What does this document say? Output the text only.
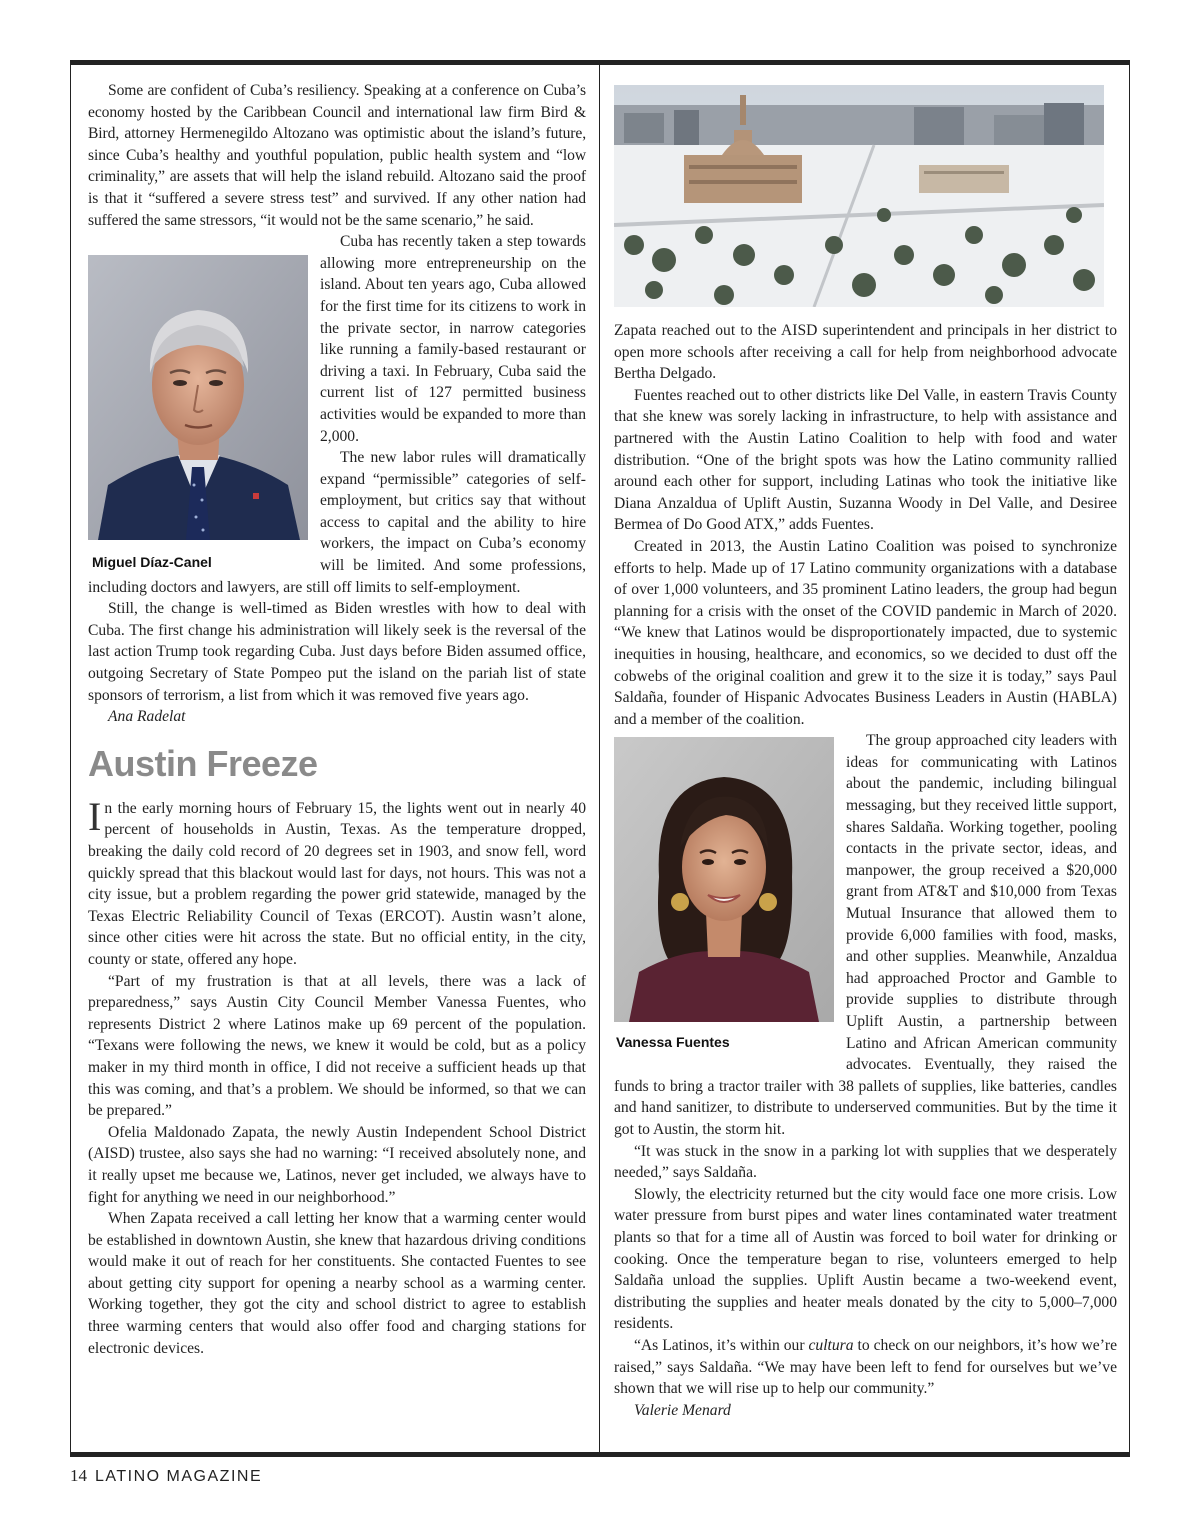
Some are confident of Cuba’s resiliency. Speaking at a conference on Cuba’s economy hosted by the Caribbean Council and international law firm Bird & Bird, attorney Hermenegildo Altozano was optimistic about the island’s future, since Cuba’s healthy and youthful population, public health system and “low criminality,” are assets that will help the island rebuild. Altozano said the proof is that it “suffered a severe stress test” and survived. If any other nation had suffered the same stressors, “it would not be the same scenario,” he said.

Miguel Díaz-Canel

Cuba has recently taken a step towards allowing more entrepreneurship on the island. About ten years ago, Cuba allowed for the first time for its citizens to work in the private sector, in narrow categories like running a family-based restaurant or driving a taxi. In February, Cuba said the current list of 127 permitted business activities would be expanded to more than 2,000.

The new labor rules will dramatically expand “permissible” categories of self-employment, but critics say that without access to capital and the ability to hire workers, the impact on Cuba’s economy will be limited. And some professions, including doctors and lawyers, are still off limits to self-employment.

Still, the change is well-timed as Biden wrestles with how to deal with Cuba. The first change his administration will likely seek is the reversal of the last action Trump took regarding Cuba. Just days before Biden assumed office, outgoing Secretary of State Pompeo put the island on the pariah list of state sponsors of terrorism, a list from which it was removed five years ago.

Ana Radelat

Austin Freeze

In the early morning hours of February 15, the lights went out in nearly 40 percent of households in Austin, Texas. As the temperature dropped, breaking the daily cold record of 20 degrees set in 1903, and snow fell, word quickly spread that this blackout would last for days, not hours. This was not a city issue, but a problem regarding the power grid statewide, managed by the Texas Electric Reliability Council of Texas (ERCOT). Austin wasn’t alone, since other cities were hit across the state. But no official entity, in the city, county or state, offered any hope.

“Part of my frustration is that at all levels, there was a lack of preparedness,” says Austin City Council Member Vanessa Fuentes, who represents District 2 where Latinos make up 69 percent of the population. “Texans were following the news, we knew it would be cold, but as a policy maker in my third month in office, I did not receive a sufficient heads up that this was coming, and that’s a problem. We should be informed, so that we can be prepared.”

Ofelia Maldonado Zapata, the newly Austin Independent School District (AISD) trustee, also says she had no warning: “I received absolutely none, and it really upset me because we, Latinos, never get included, we always have to fight for anything we need in our neighborhood.”

When Zapata received a call letting her know that a warming center would be established in downtown Austin, she knew that hazardous driving conditions would make it out of reach for her constituents. She contacted Fuentes to see about getting city support for opening a nearby school as a warming center. Working together, they got the city and school district to agree to establish three warming centers that would also offer food and charging stations for electronic devices.

Zapata reached out to the AISD superintendent and principals in her district to open more schools after receiving a call for help from neighborhood advocate Bertha Delgado.

Fuentes reached out to other districts like Del Valle, in eastern Travis County that she knew was sorely lacking in infrastructure, to help with assistance and partnered with the Austin Latino Coalition to help with food and water distribution. “One of the bright spots was how the Latino community rallied around each other for support, including Latinas who took the initiative like Diana Anzaldua of Uplift Austin, Suzanna Woody in Del Valle, and Desiree Bermea of Do Good ATX,” adds Fuentes.

Created in 2013, the Austin Latino Coalition was poised to synchronize efforts to help. Made up of 17 Latino community organizations with a database of over 1,000 volunteers, and 35 prominent Latino leaders, the group had begun planning for a crisis with the onset of the COVID pandemic in March of 2020. “We knew that Latinos would be disproportionately impacted, due to systemic inequities in housing, healthcare, and economics, so we decided to dust off the cobwebs of the original coalition and grew it to the size it is today,” says Paul Saldaña, founder of Hispanic Advocates Business Leaders in Austin (HABLA) and a member of the coalition.

Vanessa Fuentes

The group approached city leaders with ideas for communicating with Latinos about the pandemic, including bilingual messaging, but they received little support, shares Saldaña. Working together, pooling contacts in the private sector, ideas, and manpower, the group received a $20,000 grant from AT&T and $10,000 from Texas Mutual Insurance that allowed them to provide 6,000 families with food, masks, and other supplies. Meanwhile, Anzaldua had approached Proctor and Gamble to provide supplies to distribute through Uplift Austin, a partnership between Latino and African American community advocates. Eventually, they raised the funds to bring a tractor trailer with 38 pallets of supplies, like batteries, candles and hand sanitizer, to distribute to underserved communities. But by the time it got to Austin, the storm hit.

“It was stuck in the snow in a parking lot with supplies that we desperately needed,” says Saldaña.

Slowly, the electricity returned but the city would face one more crisis. Low water pressure from burst pipes and water lines contaminated water treatment plants so that for a time all of Austin was forced to boil water for drinking or cooking. Once the temperature began to rise, volunteers emerged to help Saldaña unload the supplies. Uplift Austin became a two-weekend event, distributing the supplies and heater meals donated by the city to 5,000–7,000 residents.

“As Latinos, it’s within our cultura to check on our neighbors, it’s how we’re raised,” says Saldaña. “We may have been left to fend for ourselves but we’ve shown that we will rise up to help our community.”

Valerie Menard

14 LATINO MAGAZINE
